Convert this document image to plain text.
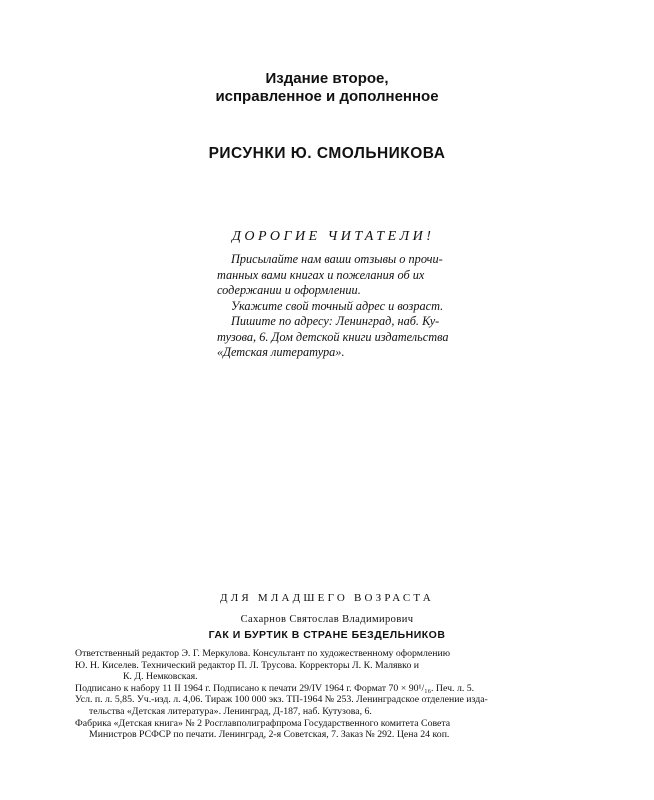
Издание второе,
исправленное и дополненное
РИСУНКИ Ю. СМОЛЬНИКОВА
ДОРОГИЕ ЧИТАТЕЛИ!
Присылайте нам ваши отзывы о прочи-
танных вами книгах и пожелания об их
содержании и оформлении.
Укажите свой точный адрес и возраст.
Пишите по адресу: Ленинград, наб. Ку-
тузова, 6. Дом детской книги издательства
«Детская литература».
ДЛЯ МЛАДШЕГО ВОЗРАСТА
Сахарнов Святослав Владимирович
ГАК И БУРТИК В СТРАНЕ БЕЗДЕЛЬНИКОВ
Ответственный редактор Э. Г. Меркулова. Консультант по художественному оформлению
Ю. Н. Киселев. Технический редактор П. Л. Трусова. Корректоры Л. К. Малявко и
К. Д. Немковская.
Подписано к набору 11 II 1964 г. Подписано к печати 29/IV 1964 г. Формат 70 × 90¹/₁₆. Печ. л. 5.
Усл. п. л. 5,85. Уч.-изд. л. 4,06. Тираж 100 000 экз. ТП-1964 № 253. Ленинградское отделение изда-
тельства «Детская литература». Ленинград, Д-187, наб. Кутузова, 6.
Фабрика «Детская книга» № 2 Росглавполиграфпрома Государственного комитета Совета
Министров РСФСР по печати. Ленинград, 2-я Советская, 7. Заказ № 292. Цена 24 коп.
